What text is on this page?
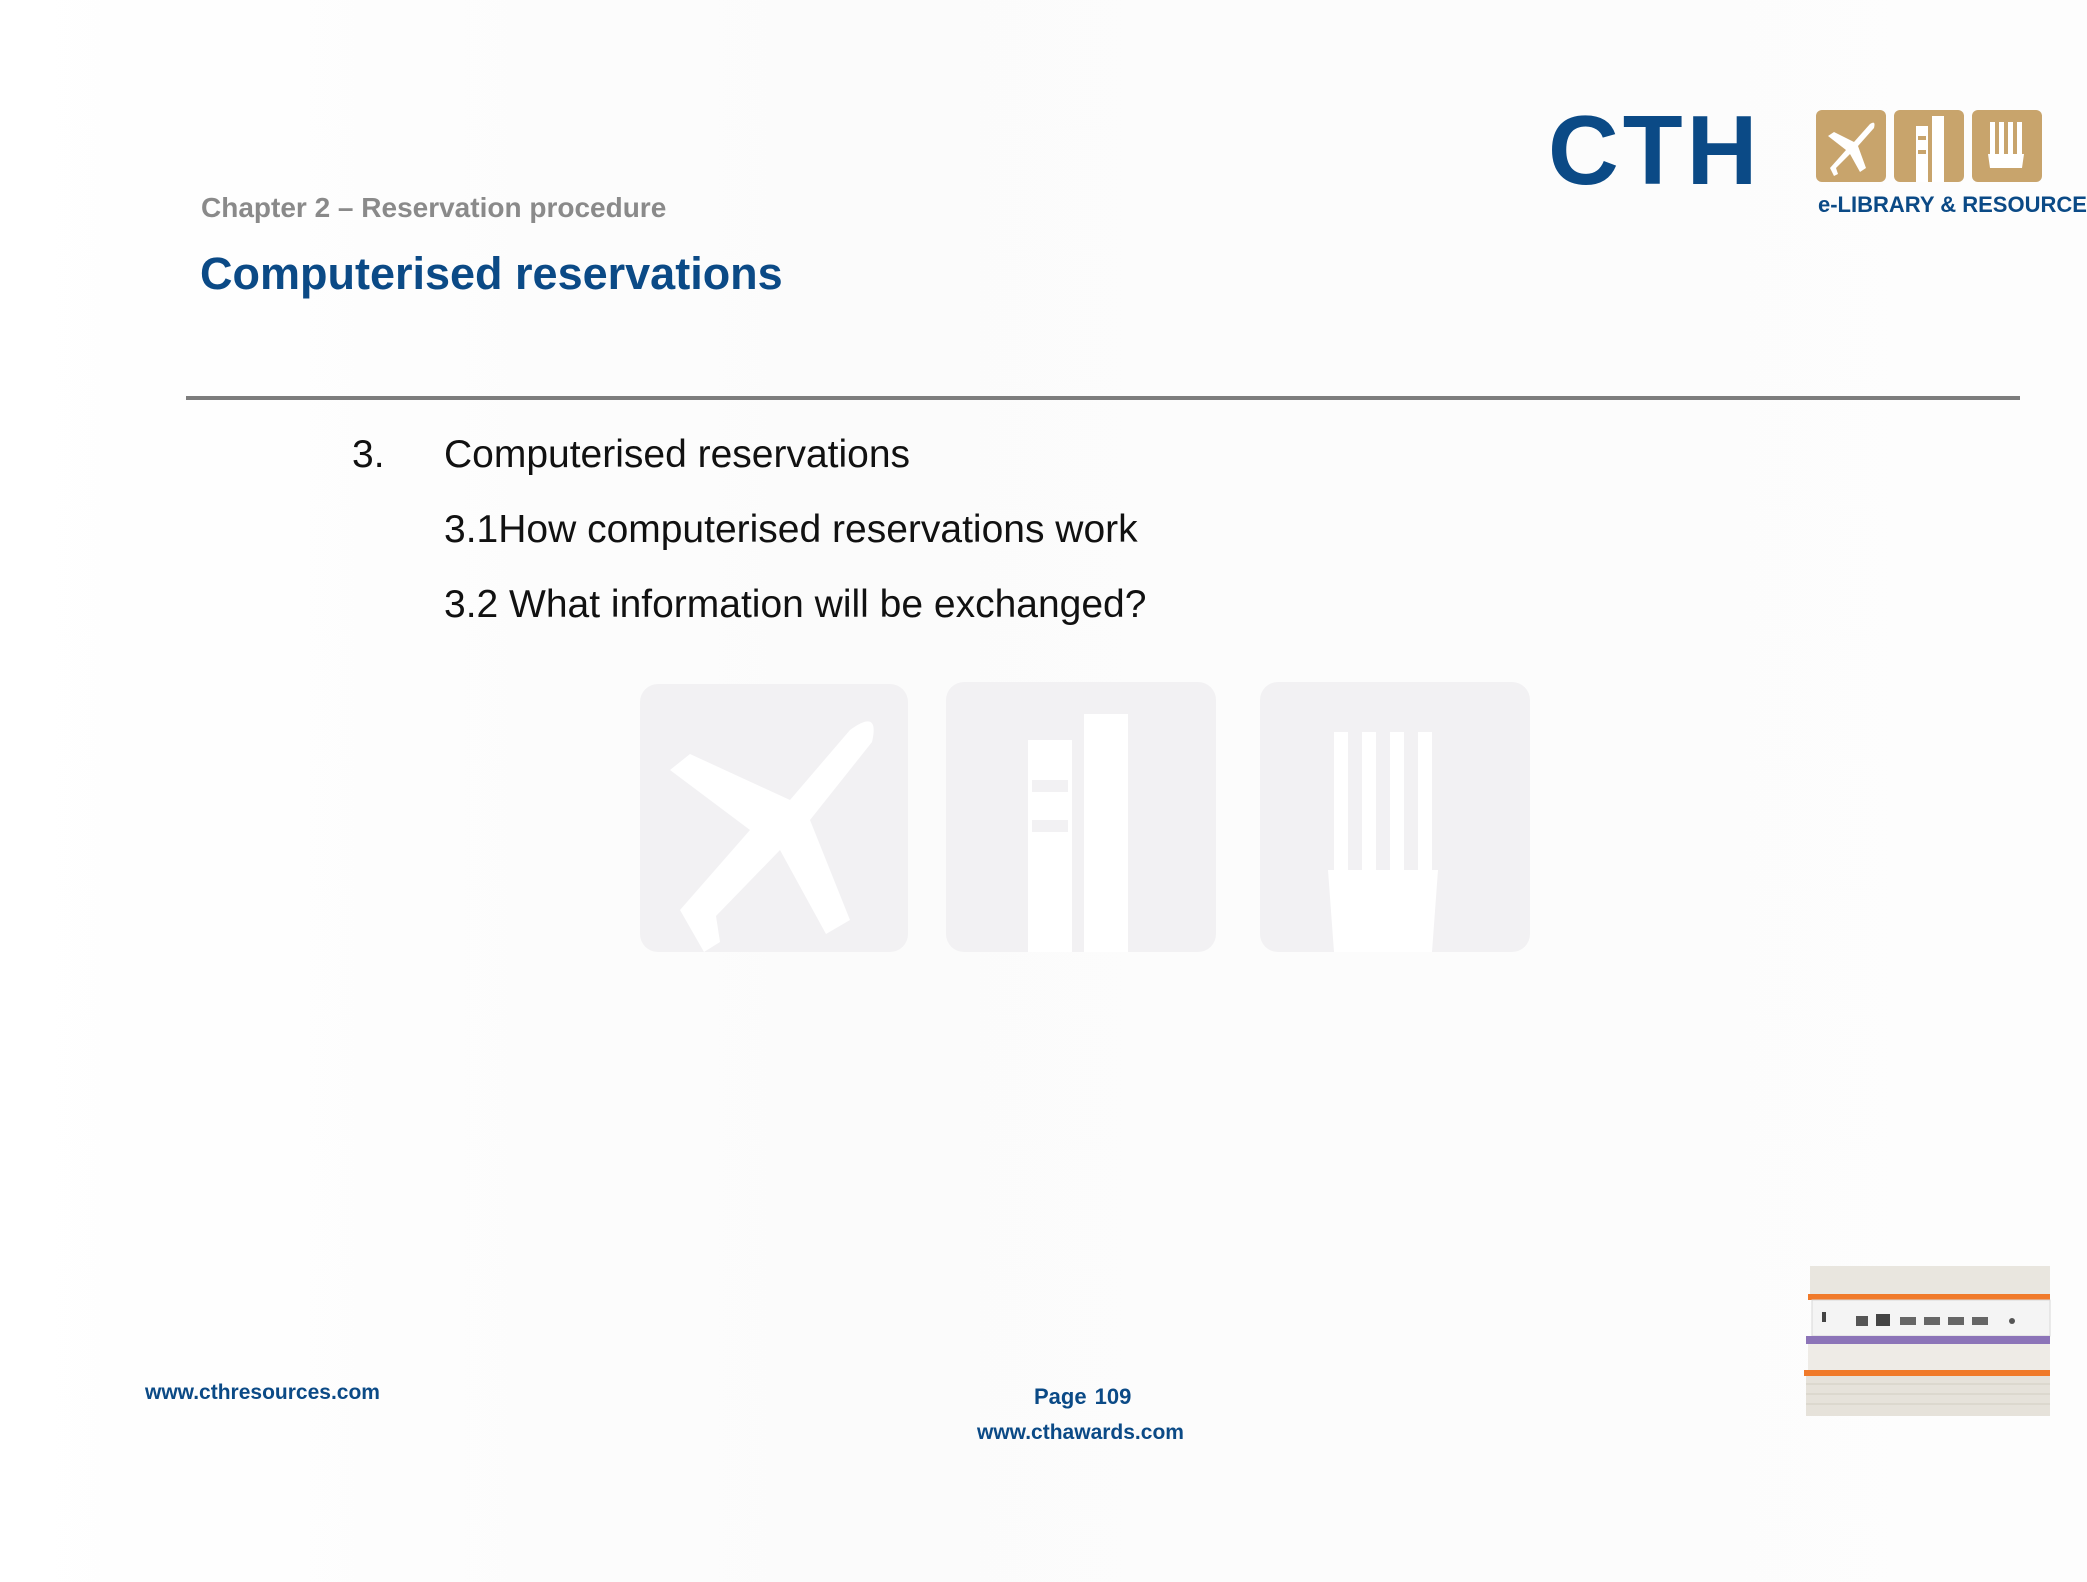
CTH	e-LIBRARY & RESOURCE
Chapter 2 – Reservation procedure
Computerised reservations
3. Computerised reservations
3.1How computerised reservations work
3.2 What information will be exchanged?
www.cthresources.com	Page 109
www.cthawards.com
